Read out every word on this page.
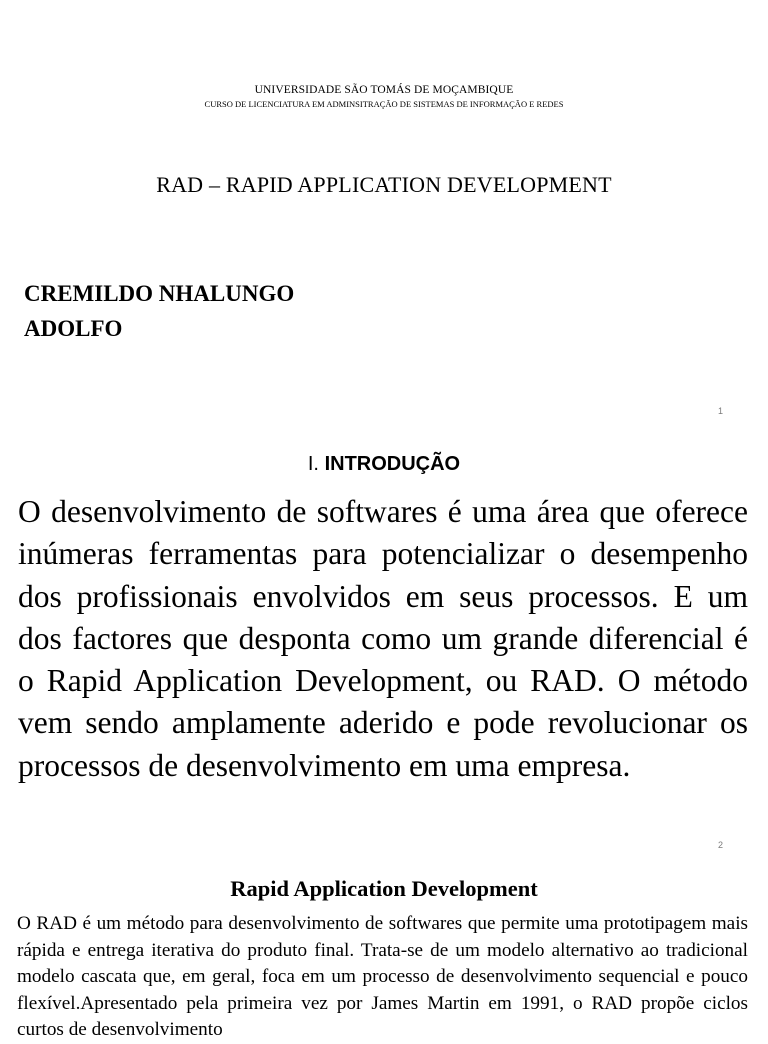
UNIVERSIDADE SÃO TOMÁS DE MOÇAMBIQUE
CURSO DE LICENCIATURA EM ADMINSITRAÇÃO DE SISTEMAS DE INFORMAÇÃO E REDES
RAD – RAPID APPLICATION DEVELOPMENT
CREMILDO NHALUNGO
ADOLFO
1
I. INTRODUÇÃO
O desenvolvimento de softwares é uma área que oferece inúmeras ferramentas para potencializar o desempenho dos profissionais envolvidos em seus processos. E um dos factores que desponta como um grande diferencial é o Rapid Application Development, ou RAD. O método vem sendo amplamente aderido e pode revolucionar os processos de desenvolvimento em uma empresa.
2
Rapid Application Development
O RAD é um método para desenvolvimento de softwares que permite uma prototipagem mais rápida e entrega iterativa do produto final. Trata-se de um modelo alternativo ao tradicional modelo cascata que, em geral, foca em um processo de desenvolvimento sequencial e pouco flexível.Apresentado pela primeira vez por James Martin em 1991, o RAD propõe ciclos curtos de desenvolvimento
